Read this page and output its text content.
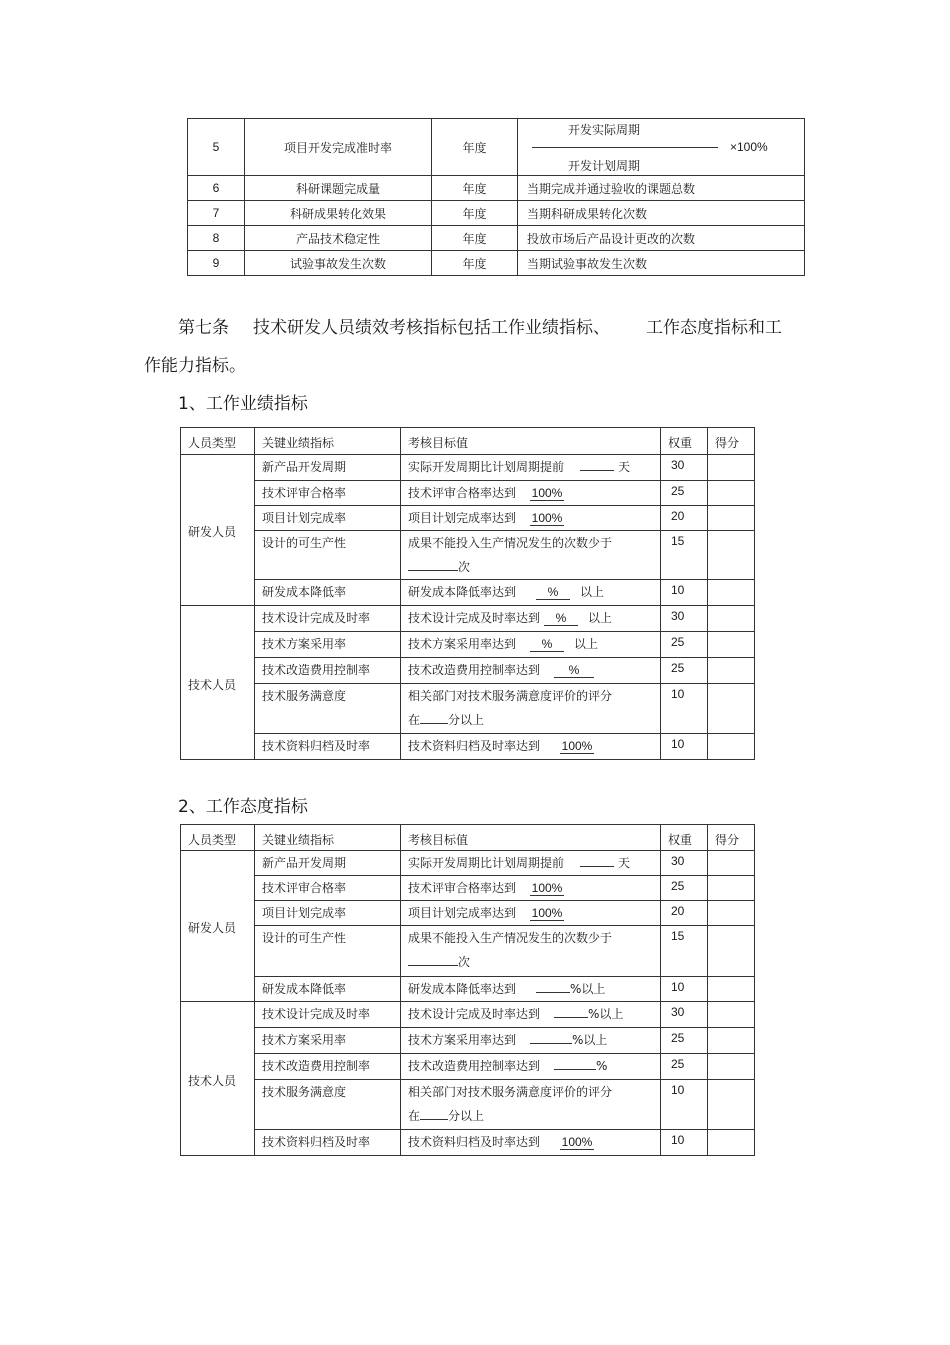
5	项目开发完成准时率	年度	开发实际周期
开发计划周期
×100%

6	科研课题完成量	年度	当期完成并通过验收的课题总数
7	科研成果转化效果	年度	当期科研成果转化次数
8	产品技术稳定性	年度	投放市场后产品设计更改的次数
9	试验事故发生次数	年度	当期试验事故发生次数
第七条 技术研发人员绩效考核指标包括工作业绩指标、 工作态度指标和工
作能力指标。
1、工作业绩指标
人员类型	关键业绩指标	考核目标值	权重	得分
研发人员	新产品开发周期	实际开发周期比计划周期提前 天	30	
	技术评审合格率	技术评审合格率达到 100%	25	
	项目计划完成率	项目计划完成率达到 100%	20	
	设计的可生产性	成果不能投入生产情况发生的次数少于
次	15	
	研发成本降低率	研发成本降低率达到 % 以上	10	
技术人员	技术设计完成及时率	技术设计完成及时率达到 % 以上	30	
	技术方案采用率	技术方案采用率达到 % 以上	25	
	技术改造费用控制率	技术改造费用控制率达到 %	25	
	技术服务满意度	相关部门对技术服务满意度评价的评分
在 分以上	10	
	技术资料归档及时率	技术资料归档及时率达到 100%	10	
2、工作态度指标
人员类型	关键业绩指标	考核目标值	权重	得分
研发人员	新产品开发周期	实际开发周期比计划周期提前 天	30	
	技术评审合格率	技术评审合格率达到 100%	25	
	项目计划完成率	项目计划完成率达到 100%	20	
	设计的可生产性	成果不能投入生产情况发生的次数少于
次	15	
	研发成本降低率	研发成本降低率达到 %以上	10	
技术人员	技术设计完成及时率	技术设计完成及时率达到 %以上	30	
	技术方案采用率	技术方案采用率达到 %以上	25	
	技术改造费用控制率	技术改造费用控制率达到 %	25	
	技术服务满意度	相关部门对技术服务满意度评价的评分
在 分以上	10	
	技术资料归档及时率	技术资料归档及时率达到 100%	10	
